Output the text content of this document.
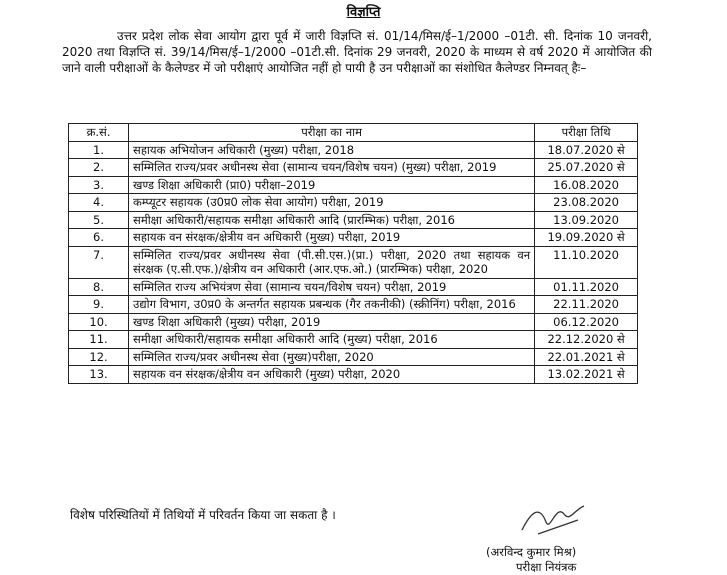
विज्ञप्ति
उत्तर प्रदेश लोक सेवा आयोग द्वारा पूर्व में जारी विज्ञप्ति सं. 01/14/मिस/ई–1/2000 –01टी. सी. दिनांक 10 जनवरी, 2020 तथा विज्ञप्ति सं. 39/14/मिस/ई–1/2000 –01टी.सी. दिनांक 29 जनवरी, 2020 के माध्यम से वर्ष 2020 में आयोजित की जाने वाली परीक्षाओं के कैलेण्डर में जो परीक्षाएं आयोजित नहीं हो पायी है उन परीक्षाओं का संशोधित कैलेण्डर निम्नवत् हैः–
क्र.सं.	परीक्षा का नाम	परीक्षा तिथि
1.	सहायक अभियोजन अधिकारी (मुख्य) परीक्षा, 2018	18.07.2020 से
2.	सम्मिलित राज्य/प्रवर अधीनस्थ सेवा (सामान्य चयन/विशेष चयन) (मुख्य) परीक्षा, 2019	25.07.2020 से
3.	खण्ड शिक्षा अधिकारी (प्रा0) परीक्षा–2019	16.08.2020
4.	कम्प्यूटर सहायक (उ0प्र0 लोक सेवा आयोग) परीक्षा, 2019	23.08.2020
5.	समीक्षा अधिकारी/सहायक समीक्षा अधिकारी आदि (प्रारम्भिक) परीक्षा, 2016	13.09.2020
6.	सहायक वन संरक्षक/क्षेत्रीय वन अधिकारी (मुख्य) परीक्षा, 2019	19.09.2020 से
7.	सम्मिलित राज्य/प्रवर अधीनस्थ सेवा (पी.सी.एस.)(प्रा.) परीक्षा, 2020 तथा सहायक वन संरक्षक (ए.सी.एफ.)/क्षेत्रीय वन अधिकारी (आर.एफ.ओ.) (प्रारम्भिक) परीक्षा, 2020	11.10.2020
8.	सम्मिलित राज्य अभियंत्रण सेवा (सामान्य चयन/विशेष चयन) परीक्षा, 2019	01.11.2020
9.	उद्योग विभाग, उ0प्र0 के अन्तर्गत सहायक प्रबन्धक (गैर तकनीकी) (स्क्रीनिंग) परीक्षा, 2016	22.11.2020
10.	खण्ड शिक्षा अधिकारी (मुख्य) परीक्षा, 2019	06.12.2020
11.	समीक्षा अधिकारी/सहायक समीक्षा अधिकारी आदि (मुख्य) परीक्षा, 2016	22.12.2020 से
12.	सम्मिलित राज्य/प्रवर अधीनस्थ सेवा (मुख्य)परीक्षा, 2020	22.01.2021 से
13.	सहायक वन संरक्षक/क्षेत्रीय वन अधिकारी (मुख्य) परीक्षा, 2020	13.02.2021 से
विशेष परिस्थितियों में तिथियों में परिवर्तन किया जा सकता है ।
(अरविन्द कुमार मिश्र)
परीक्षा नियंत्रक
